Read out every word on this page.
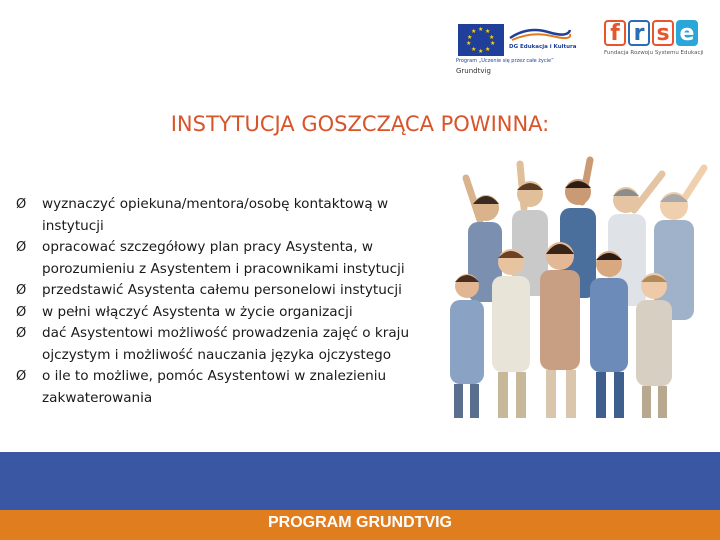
★ ★
★
★
★
★
★
★
★
★
DG Edukacja i Kultura
Program „Uczenie się przez całe życie”
Grundtvig
f r s e
Fundacja Rozwoju Systemu Edukacji
INSTYTUCJA GOSZCZĄCA POWINNA:
Ø wyznaczyć opiekuna/mentora/osobę kontaktową w instytucji
Ø opracować szczegółowy plan pracy Asystenta, w porozumieniu z Asystentem i pracownikami instytucji
Ø przedstawić Asystenta całemu personelowi instytucji
Ø w pełni włączyć Asystenta w życie organizacji
Ø dać Asystentowi możliwość prowadzenia zajęć o kraju ojczystym i możliwość nauczania języka ojczystego
Ø o ile to możliwe, pomóc Asystentowi w znalezieniu zakwaterowania
PROGRAM GRUNDTVIG
